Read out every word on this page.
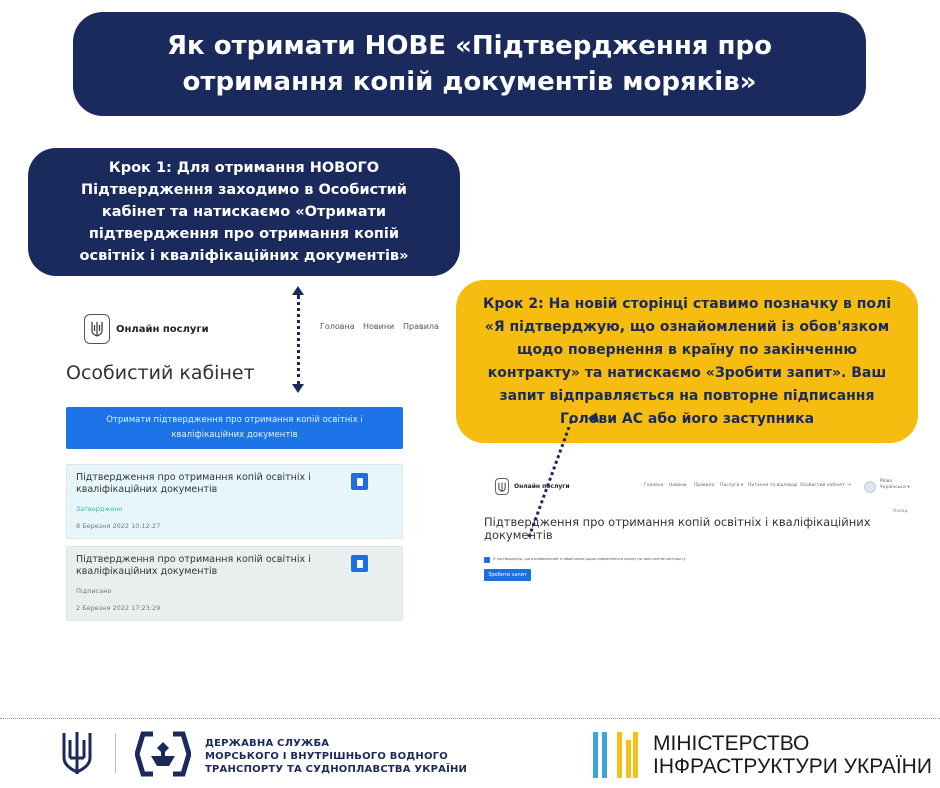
Як отримати НОВЕ «Підтвердження про отримання копій документів моряків»
Крок 1: Для отримання НОВОГО Підтвердження заходимо в Особистий кабінет та натискаємо «Отримати підтвердження про отримання копій освітніх і кваліфікаційних документів»
Крок 2: На новій сторінці ставимо позначку в полі «Я підтверджую, що ознайомлений із обов'язком щодо повернення в країну по закінченню контракту» та натискаємо «Зробити запит». Ваш запит відправляється на повторне підписання Голови АС або його заступника
Онлайн послуги	Головна Новини Правила
Особистий кабінет
Отримати підтвердження про отримання копій освітніх і кваліфікаційних документів
Підтвердження про отримання копій освітніх і кваліфікаційних документів
Затверджено
8 Березня 2022 10:12:27
Підтвердження про отримання копій освітніх і кваліфікаційних документів
Підписано
2 Березня 2022 17:23:29
Онлайн послуги	Головна Новини Правила Послуги ▾ Питання та відповіді Особистий кабінет ⇥
Мова
Українська ▾
Назад
Підтвердження про отримання копій освітніх і кваліфікаційних документів
Я підтверджую, що ознайомлений із обов'язком щодо повернення в країну по закінченню контракту
Зробити запит
ДЕРЖАВНА СЛУЖБА
МОРСЬКОГО І ВНУТРІШНЬОГО ВОДНОГО
ТРАНСПОРТУ ТА СУДНОПЛАВСТВА УКРАЇНИ
МІНІСТЕРСТВО
ІНФРАСТРУКТУРИ УКРАЇНИ
